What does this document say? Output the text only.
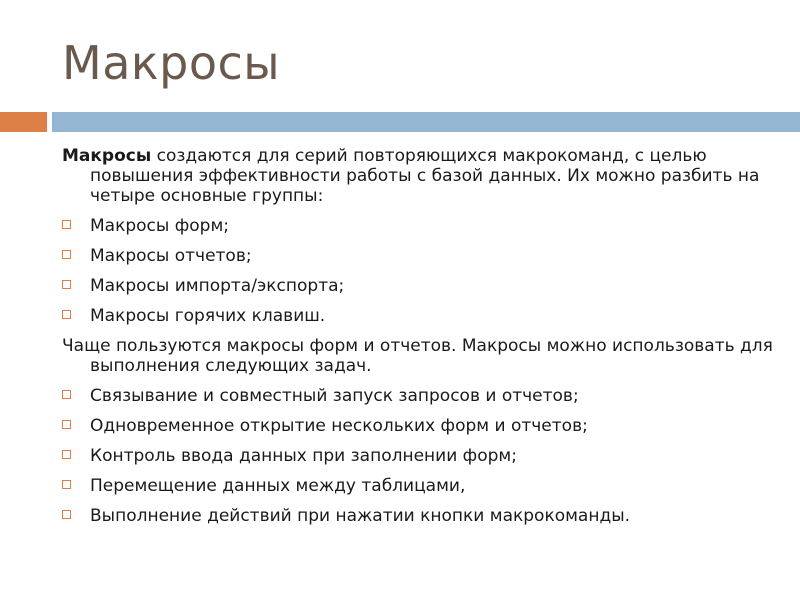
Макросы

Макросы создаются для серий повторяющихся макрокоманд, с целью повышения эффективности работы с базой данных. Их можно разбить на четыре основные группы:

Макросы форм;
Макросы отчетов;
Макросы импорта/экспорта;
Макросы горячих клавиш.

Чаще пользуются макросы форм и отчетов. Макросы можно использовать для выполнения следующих задач.

Связывание и совместный запуск запросов и отчетов;
Одновременное открытие нескольких форм и отчетов;
Контроль ввода данных при заполнении форм;
Перемещение данных между таблицами,
Выполнение действий при нажатии кнопки макрокоманды.
